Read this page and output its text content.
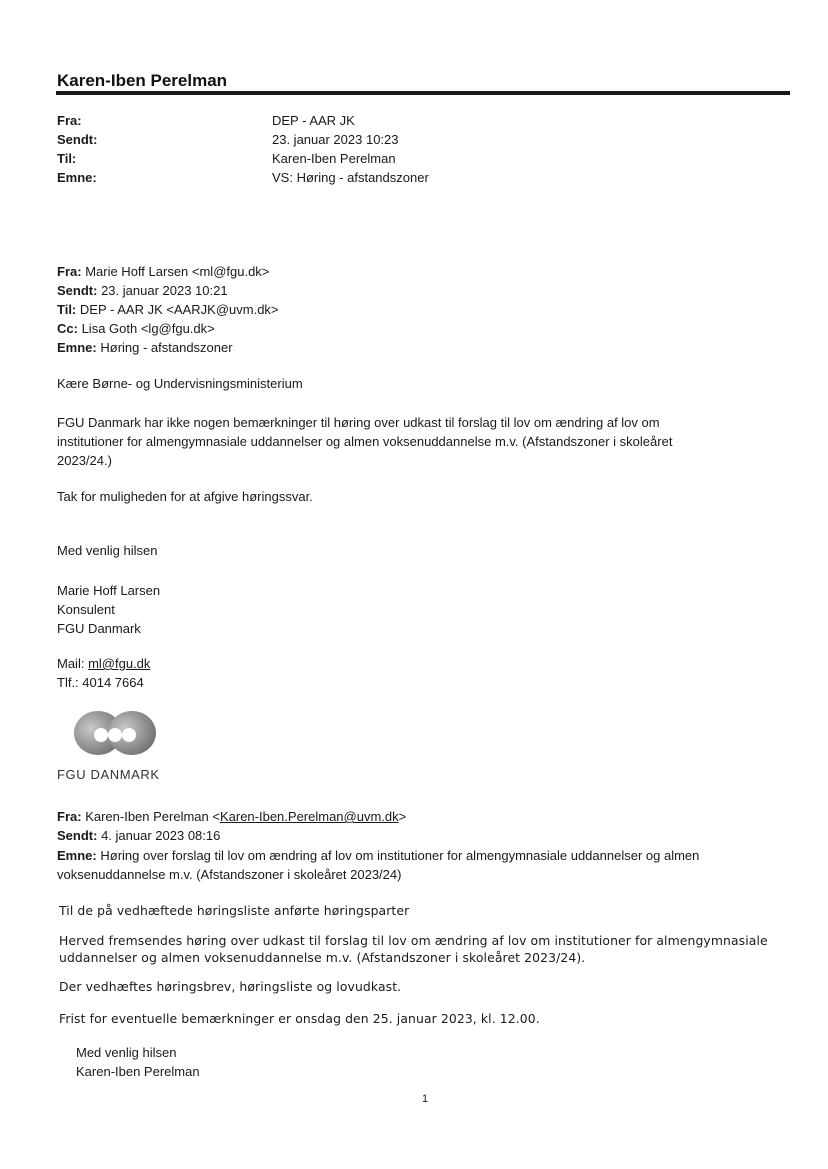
Karen-Iben Perelman
Fra:	DEP - AAR JK
Sendt:	23. januar 2023 10:23
Til:	Karen-Iben Perelman
Emne:	VS: Høring - afstandszoner
Fra: Marie Hoff Larsen <ml@fgu.dk>
Sendt: 23. januar 2023 10:21
Til: DEP - AAR JK <AARJK@uvm.dk>
Cc: Lisa Goth <lg@fgu.dk>
Emne: Høring - afstandszoner
Kære Børne- og Undervisningsministerium
FGU Danmark har ikke nogen bemærkninger til høring over udkast til forslag til lov om ændring af lov om
institutioner for almengymnasiale uddannelser og almen voksenuddannelse m.v. (Afstandszoner i skoleåret
2023/24.)
Tak for muligheden for at afgive høringssvar.
Med venlig hilsen
Marie Hoff Larsen
Konsulent
FGU Danmark
Mail: ml@fgu.dk
Tlf.: 4014 7664
FGU DANMARK
Fra: Karen-Iben Perelman <Karen-Iben.Perelman@uvm.dk>
Sendt: 4. januar 2023 08:16
Emne: Høring over forslag til lov om ændring af lov om institutioner for almengymnasiale uddannelser og almen
voksenuddannelse m.v. (Afstandszoner i skoleåret 2023/24)
Til de på vedhæftede høringsliste anførte høringsparter
Herved fremsendes høring over udkast til forslag til lov om ændring af lov om institutioner for almengymnasiale
uddannelser og almen voksenuddannelse m.v. (Afstandszoner i skoleåret 2023/24).
Der vedhæftes høringsbrev, høringsliste og lovudkast.
Frist for eventuelle bemærkninger er onsdag den 25. januar 2023, kl. 12.00.
Med venlig hilsen
Karen-Iben Perelman
1
